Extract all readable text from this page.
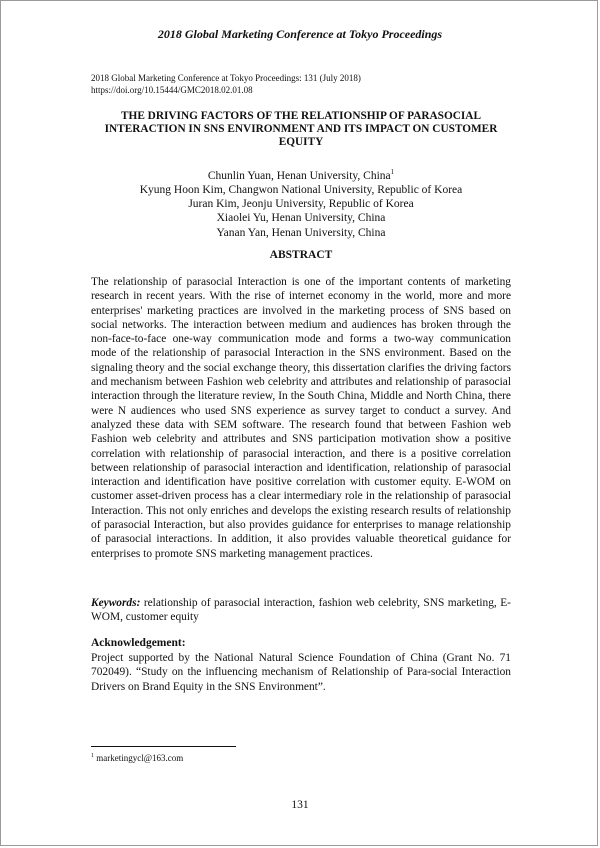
2018 Global Marketing Conference at Tokyo Proceedings
2018 Global Marketing Conference at Tokyo Proceedings: 131 (July 2018)
https://doi.org/10.15444/GMC2018.02.01.08
THE DRIVING FACTORS OF THE RELATIONSHIP OF PARASOCIAL INTERACTION IN SNS ENVIRONMENT AND ITS IMPACT ON CUSTOMER EQUITY
Chunlin Yuan, Henan University, China$^1$
Kyung Hoon Kim, Changwon National University, Republic of Korea
Juran Kim, Jeonju University, Republic of Korea
Xiaolei Yu, Henan University, China
Yanan Yan, Henan University, China
ABSTRACT

The relationship of parasocial Interaction is one of the important contents of marketing research in recent years. With the rise of internet economy in the world, more and more enterprises' marketing practices are involved in the marketing process of SNS based on social networks. The interaction between medium and audiences has broken through the non-face-to-face one-way communication mode and forms a two-way communication mode of the relationship of parasocial Interaction in the SNS environment. Based on the signaling theory and the social exchange theory, this dissertation clarifies the driving factors and mechanism between Fashion web celebrity and attributes and relationship of parasocial interaction through the literature review, In the South China, Middle and North China, there were N audiences who used SNS experience as survey target to conduct a survey. And analyzed these data with SEM software. The research found that between Fashion web Fashion web celebrity and attributes and SNS participation motivation show a positive correlation with relationship of parasocial interaction, and there is a positive correlation between relationship of parasocial interaction and identification, relationship of parasocial interaction and identification have positive correlation with customer equity. E-WOM on customer asset-driven process has a clear intermediary role in the relationship of parasocial Interaction. This not only enriches and develops the existing research results of relationship of parasocial Interaction, but also provides guidance for enterprises to manage relationship of parasocial interactions. In addition, it also provides valuable theoretical guidance for enterprises to promote SNS marketing management practices.

Keywords: relationship of parasocial interaction, fashion web celebrity, SNS marketing, E-WOM, customer equity

Acknowledgement:

Project supported by the National Natural Science Foundation of China (Grant No. 71 702049). “Study on the influencing mechanism of Relationship of Para-social Interaction Drivers on Brand Equity in the SNS Environment”.

$^1$ marketingycl@163.com
131
